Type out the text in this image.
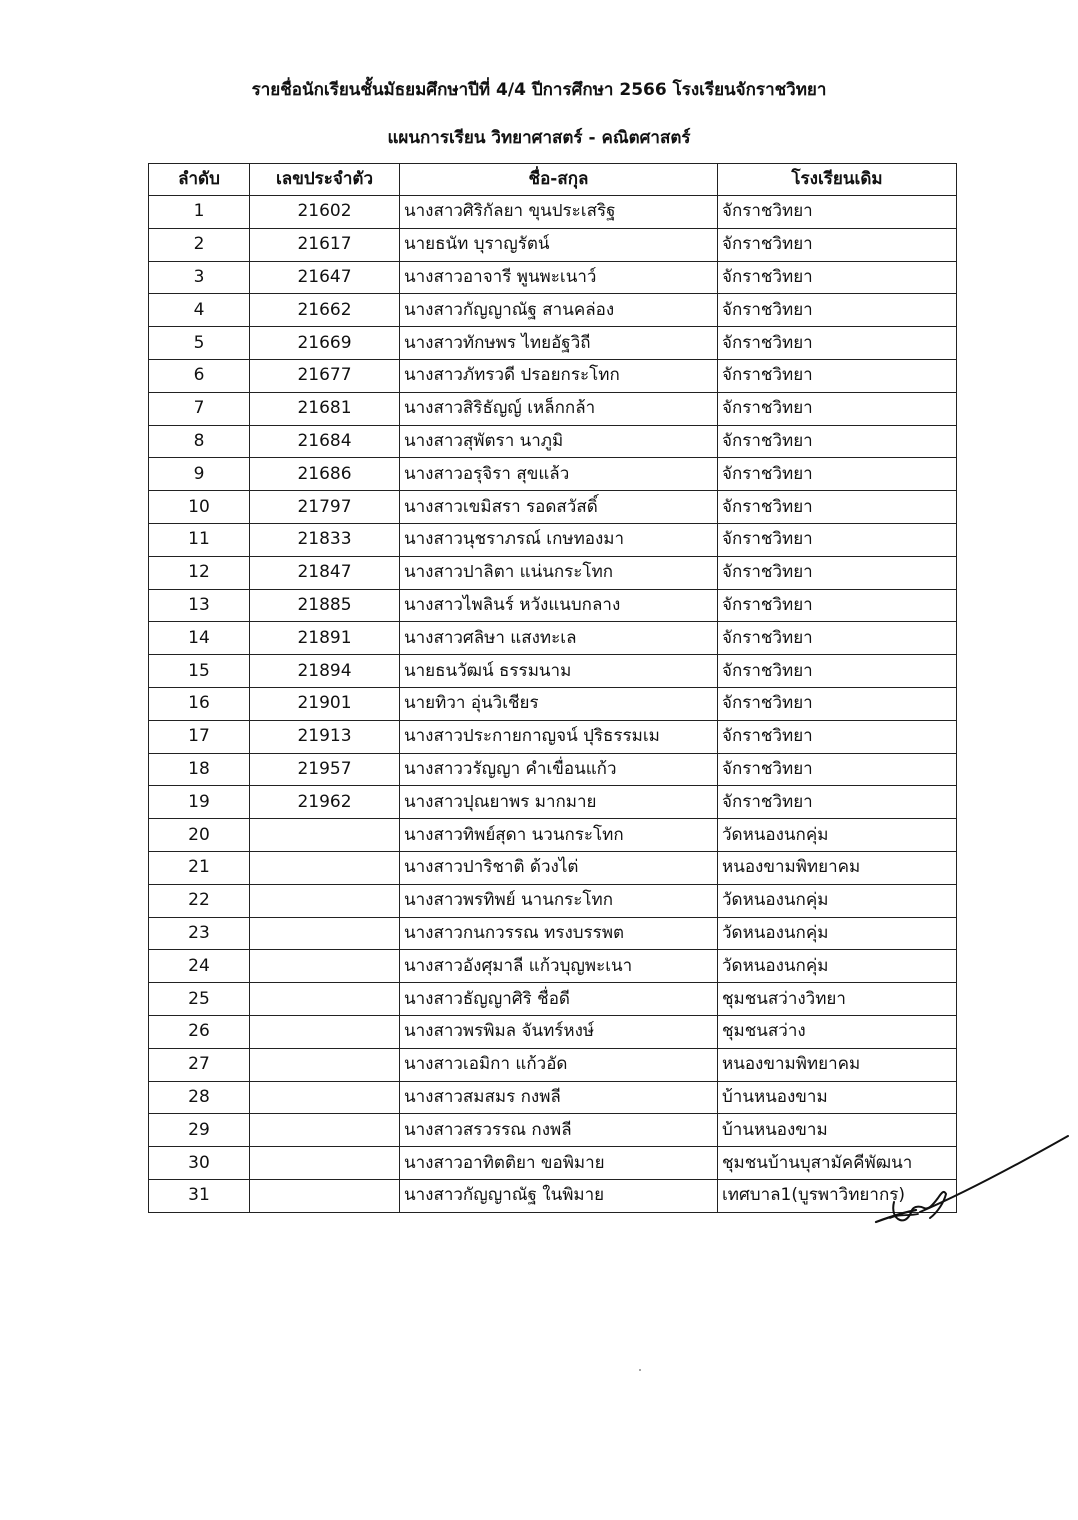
รายชื่อนักเรียนชั้นมัธยมศึกษาปีที่ 4/4 ปีการศึกษา 2566 โรงเรียนจักราชวิทยา
แผนการเรียน วิทยาศาสตร์ - คณิตศาสตร์
ลำดับ	เลขประจำตัว	ชื่อ-สกุล	โรงเรียนเดิม
1	21602	นางสาวศิริกัลยา ขุนประเสริฐ	จักราชวิทยา
2	21617	นายธนัท บุราญรัตน์	จักราชวิทยา
3	21647	นางสาวอาจารี พูนพะเนาว์	จักราชวิทยา
4	21662	นางสาวกัญญาณัฐ สานคล่อง	จักราชวิทยา
5	21669	นางสาวทักษพร ไทยอัฐวิถี	จักราชวิทยา
6	21677	นางสาวภัทรวดี ปรอยกระโทก	จักราชวิทยา
7	21681	นางสาวสิริธัญญ์ เหล็กกล้า	จักราชวิทยา
8	21684	นางสาวสุพัตรา นาภูมิ	จักราชวิทยา
9	21686	นางสาวอรุจิรา สุขแล้ว	จักราชวิทยา
10	21797	นางสาวเขมิสรา รอดสวัสดิ์	จักราชวิทยา
11	21833	นางสาวนุชราภรณ์ เกษทองมา	จักราชวิทยา
12	21847	นางสาวปาลิตา แน่นกระโทก	จักราชวิทยา
13	21885	นางสาวไพลินร์ หวังแนบกลาง	จักราชวิทยา
14	21891	นางสาวศลิษา แสงทะเล	จักราชวิทยา
15	21894	นายธนวัฒน์ ธรรมนาม	จักราชวิทยา
16	21901	นายทิวา อุ่นวิเชียร	จักราชวิทยา
17	21913	นางสาวประกายกาญจน์ ปุริธรรมเม	จักราชวิทยา
18	21957	นางสาววรัญญา คำเขื่อนแก้ว	จักราชวิทยา
19	21962	นางสาวปุณยาพร มากมาย	จักราชวิทยา
20		นางสาวทิพย์สุดา นวนกระโทก	วัดหนองนกคุ่ม
21		นางสาวปาริชาติ ด้วงไต่	หนองขามพิทยาคม
22		นางสาวพรทิพย์ นานกระโทก	วัดหนองนกคุ่ม
23		นางสาวกนกวรรณ ทรงบรรพต	วัดหนองนกคุ่ม
24		นางสาวอังศุมาลี แก้วบุญพะเนา	วัดหนองนกคุ่ม
25		นางสาวธัญญาศิริ ชื่อดี	ชุมชนสว่างวิทยา
26		นางสาวพรพิมล จันทร์หงษ์	ชุมชนสว่าง
27		นางสาวเอมิกา แก้วอัด	หนองขามพิทยาคม
28		นางสาวสมสมร กงพลี	บ้านหนองขาม
29		นางสาวสรวรรณ กงพลี	บ้านหนองขาม
30		นางสาวอาทิตติยา ขอพิมาย	ชุมชนบ้านบุสามัคคีพัฒนา
31		นางสาวกัญญาณัฐ ในพิมาย	เทศบาล1(บูรพาวิทยากร)
